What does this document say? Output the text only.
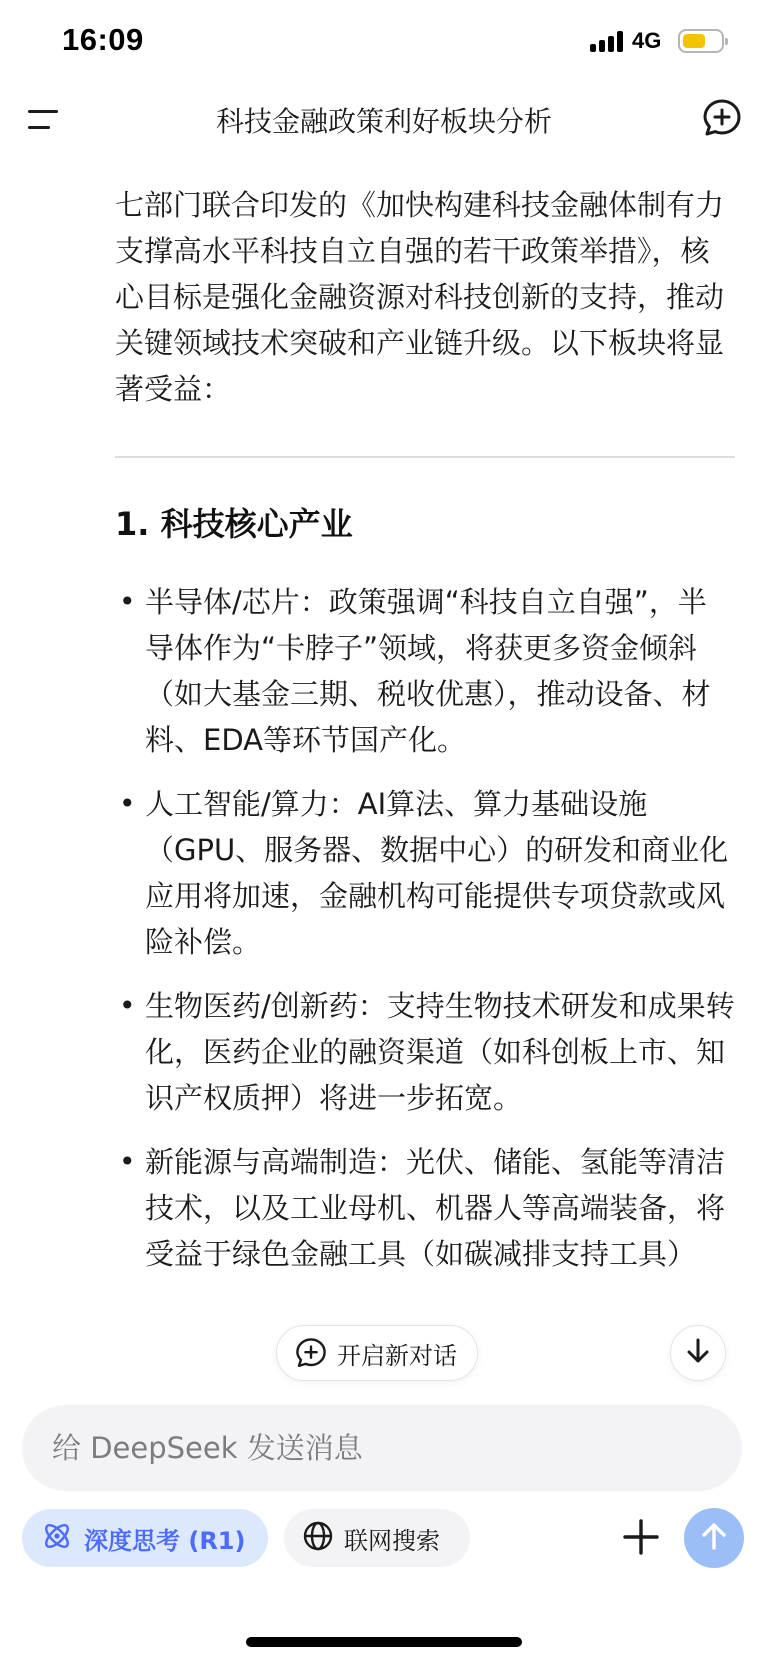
16:09	4G
科技金融政策利好板块分析

七部门联合印发的《加快构建科技金融体制有力支撑高水平科技自立自强的若干政策举措》，核心目标是强化金融资源对科技创新的支持，推动关键领域技术突破和产业链升级。以下板块将显著受益：

1. 科技核心产业
• 半导体/芯片：政策强调“科技自立自强”，半导体作为“卡脖子”领域，将获更多资金倾斜（如大基金三期、税收优惠），推动设备、材料、EDA等环节国产化。
• 人工智能/算力：AI算法、算力基础设施（GPU、服务器、数据中心）的研发和商业化应用将加速，金融机构可能提供专项贷款或风险补偿。
• 生物医药/创新药：支持生物技术研发和成果转化，医药企业的融资渠道（如科创板上市、知识产权质押）将进一步拓宽。
• 新能源与高端制造：光伏、储能、氢能等清洁技术，以及工业母机、机器人等高端装备，将受益于绿色金融工具（如碳减排支持工具）
开启新对话
给 DeepSeek 发送消息
深度思考 (R1)	联网搜索
